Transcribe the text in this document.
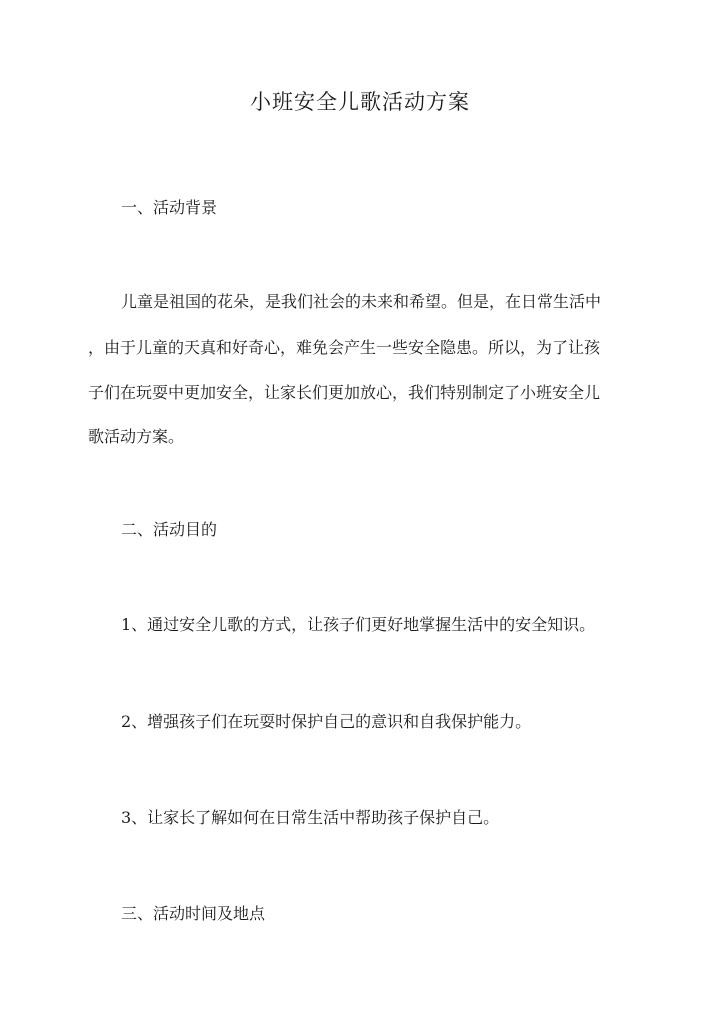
小班安全儿歌活动方案
一、活动背景
儿童是祖国的花朵，是我们社会的未来和希望。但是，在日常生活中
，由于儿童的天真和好奇心，难免会产生一些安全隐患。所以，为了让孩
子们在玩耍中更加安全，让家长们更加放心，我们特别制定了小班安全儿
歌活动方案。
二、活动目的
1、通过安全儿歌的方式，让孩子们更好地掌握生活中的安全知识。
2、增强孩子们在玩耍时保护自己的意识和自我保护能力。
3、让家长了解如何在日常生活中帮助孩子保护自己。
三、活动时间及地点
